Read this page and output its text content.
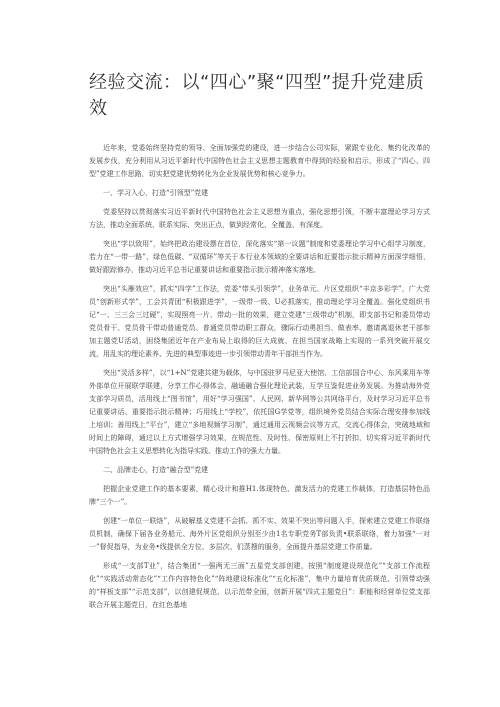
经验交流：以“四心”聚“四型”提升党建质效

近年来，党委始终坚持党的领导、全面加强党的建设，进一步结合公司实际，紧跟专业化、集约化改革的发展步伐，充分利用从习近平新时代中国特色社会主义思想主题教育中得到的经验和启示，形成了“四心、四型”党建工作思路，切实把党建优势转化为企业发展优势和核心竞争力。

一、学习入心，打造“引领型”党建

党委坚持以贯彻落实习近平新时代中国特色社会主义思想为重点，强化思想引领，不断丰富理论学习方式方法，推动全面系统、联系实际、突出正点，做到经常化、全覆盖、有深度。

突出“学以致用”，始终把政治建设摆在首位，深化落实“第一议题”制度和党委理论学习中心组学习制度，若力在“一带一路”、绿色低碳、“双循环”等关于本行业本领域的全要讲话和近要指示批示精神方面深学细悟，做好跟踪修办，推动习近平总书记重要讲话和重要指示批示精神落实落地。

突出“头雁效应”，抓实“四学”工作法，党委“带头引领学”，业务单元、片区党组织“丰京多彩学”，广大党员“创新形式学”，工会共青团“积极跟进学”，一级带一级、U必抓落实，推动理论学习全覆盖。强化党组织书记“一、三三会三过硬”，实现照亮一片、带动一批的效果，建立党建“三级带动”机制，即支部书记和委员带动党员骨干、党员骨干带动普通党员、普通党员带动职工群众，骤际行动勇担当、做表率、邀请离退休老干部参加主题党U活动，困绕集团近年在产业布局上取得的巨大成就、在担当国家战略上实现的一系列突破开展交流，用乱实的理论素养、先进的典型事迹进一步引领带动青年干部担当作为。

突出“灵活多样”，以“1+N”党建共建为载体，与中国驻罗马尼亚大使馆、工信部国合中心、东风乘用车等外部单位开展联学联建，分享工作心得体会，融通融合强化理论武装，互学互鉴促进业务发展。为推动海外党支部学习质员，活用线上“图书馆”，用好“学习强国”、人民网、新华网等公共网络平台，及时学习习近平总书记重要讲话、重要指示批示精神；巧用线上“学校”，依托国G学党等，组织境外党员结合实际合理安排参加线上培训；善用线上“平台”，建立“多地视频学习制”，通过通用云视频会议等方式，交流心得体会，突破地域和时间上的障碍，通过以上方式增强学习效果，在规范性、及时性、保密原则上不打折扣，切实将习近平新时代中国特色社会主义思想转化为指导实践、推动工作的强大力量。

二、品牌走心，打造“融合型”党建

把握企业党建工作的基本要素，精心设计和推H1.体现特色、激发活力的党建工作载体，打造基层特色品牌“三个一”。

创建“一单位一联络”，从破解基义党建不会抓、抓不实、效果不突出等问题入手，探索建立党建工作联络员机制，确保下届各业务船元、海外片区党组织分别至少由1名专职党务T部负责•联系联络，着力加强“一对一”督促指导，为业务•线提供全方位、多层次、们蒸搜的服务，全面提升基层党建工作质量。

形成“一支部T业”，结合集团“一强两无三面”五星党支部创建，按照“制度建设规范化”“支部工作流程化”“实践活动常态化”“工作内容特色化”“阵地建设标准化”“五化标准”，集中力量培育优质规范、引领带动强的“样板支部”“示范支部”，以创建促规范、以示范带全面，创新开展“四式主题党日”：职能和经营单位党支部联合开展主题党日，在红色基地
